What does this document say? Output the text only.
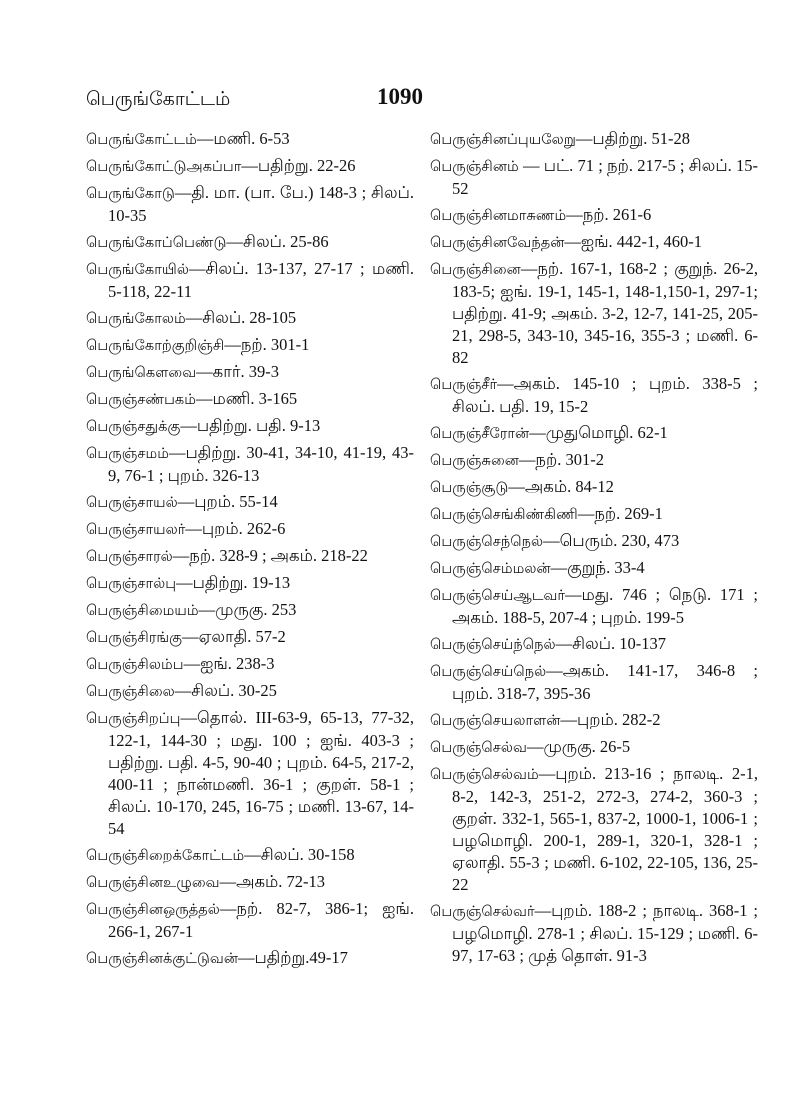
பெருங்கோட்டம்	1090

பெருங்கோட்டம்—மணி. 6-53

பெருங்கோட்டுஅகப்பா—பதிற்று. 22-26

பெருங்கோடு—தி. மா. (பா. பே.) 148-3 ; சிலப். 10-35

பெருங்கோப்பெண்டு—சிலப். 25-86

பெருங்கோயில்—சிலப். 13-137, 27-17 ; மணி. 5-118, 22-11

பெருங்கோலம்—சிலப். 28-105

பெருங்கோற்குறிஞ்சி—நற். 301-1

பெருங்கௌவை—கார். 39-3

பெருஞ்சண்பகம்—மணி. 3-165

பெருஞ்சதுக்கு—பதிற்று. பதி. 9-13

பெருஞ்சமம்—பதிற்று. 30-41, 34-10, 41-19, 43-9, 76-1 ; புறம். 326-13

பெருஞ்சாயல்—புறம். 55-14

பெருஞ்சாயலர்—புறம். 262-6

பெருஞ்சாரல்—நற். 328-9 ; அகம். 218-22

பெருஞ்சால்பு—பதிற்று. 19-13

பெருஞ்சிமையம்—முருகு. 253

பெருஞ்சிரங்கு—ஏலாதி. 57-2

பெருஞ்சிலம்ப—ஐங். 238-3

பெருஞ்சிலை—சிலப். 30-25

பெருஞ்சிறப்பு—தொல். III-63-9, 65-13, 77-32, 122-1, 144-30 ; மது. 100 ; ஐங். 403-3 ; பதிற்று. பதி. 4-5, 90-40 ; புறம். 64-5, 217-2, 400-11 ; நான்மணி. 36-1 ; குறள். 58-1 ; சிலப். 10-170, 245, 16-75 ; மணி. 13-67, 14-54

பெருஞ்சிறைக்கோட்டம்—சிலப். 30-158

பெருஞ்சினஉழுவை—அகம். 72-13

பெருஞ்சினஒருத்தல்—நற். 82-7, 386-1; ஐங். 266-1, 267-1

பெருஞ்சினக்குட்டுவன்—பதிற்று.49-17

பெருஞ்சினப்புயலேறு—பதிற்று. 51-28

பெருஞ்சினம் — பட். 71 ; நற். 217-5 ; சிலப். 15-52

பெருஞ்சினமாசுணம்—நற். 261-6

பெருஞ்சினவேந்தன்—ஐங். 442-1, 460-1

பெருஞ்சினை—நற். 167-1, 168-2 ; குறுந். 26-2, 183-5; ஐங். 19-1, 145-1, 148-1,150-1, 297-1; பதிற்று. 41-9; அகம். 3-2, 12-7, 141-25, 205-21, 298-5, 343-10, 345-16, 355-3 ; மணி. 6-82

பெருஞ்சீர்—அகம். 145-10 ; புறம். 338-5 ; சிலப். பதி. 19, 15-2

பெருஞ்சீரோன்—முதுமொழி. 62-1

பெருஞ்சுனை—நற். 301-2

பெருஞ்சூடு—அகம். 84-12

பெருஞ்செங்கிண்கிணி—நற். 269-1

பெருஞ்செந்நெல்—பெரும். 230, 473

பெருஞ்செம்மலன்—குறுந். 33-4

பெருஞ்செய்ஆடவர்—மது. 746 ; நெடு. 171 ; அகம். 188-5, 207-4 ; புறம். 199-5

பெருஞ்செய்ந்நெல்—சிலப். 10-137

பெருஞ்செய்நெல்—அகம். 141-17, 346-8 ; புறம். 318-7, 395-36

பெருஞ்செயலாளன்—புறம். 282-2

பெருஞ்செல்வ—முருகு. 26-5

பெருஞ்செல்வம்—புறம். 213-16 ; நாலடி. 2-1, 8-2, 142-3, 251-2, 272-3, 274-2, 360-3 ; குறள். 332-1, 565-1, 837-2, 1000-1, 1006-1 ; பழமொழி. 200-1, 289-1, 320-1, 328-1 ; ஏலாதி. 55-3 ; மணி. 6-102, 22-105, 136, 25-22

பெருஞ்செல்வர்—புறம். 188-2 ; நாலடி. 368-1 ; பழமொழி. 278-1 ; சிலப். 15-129 ; மணி. 6-97, 17-63 ; முத் தொள். 91-3
